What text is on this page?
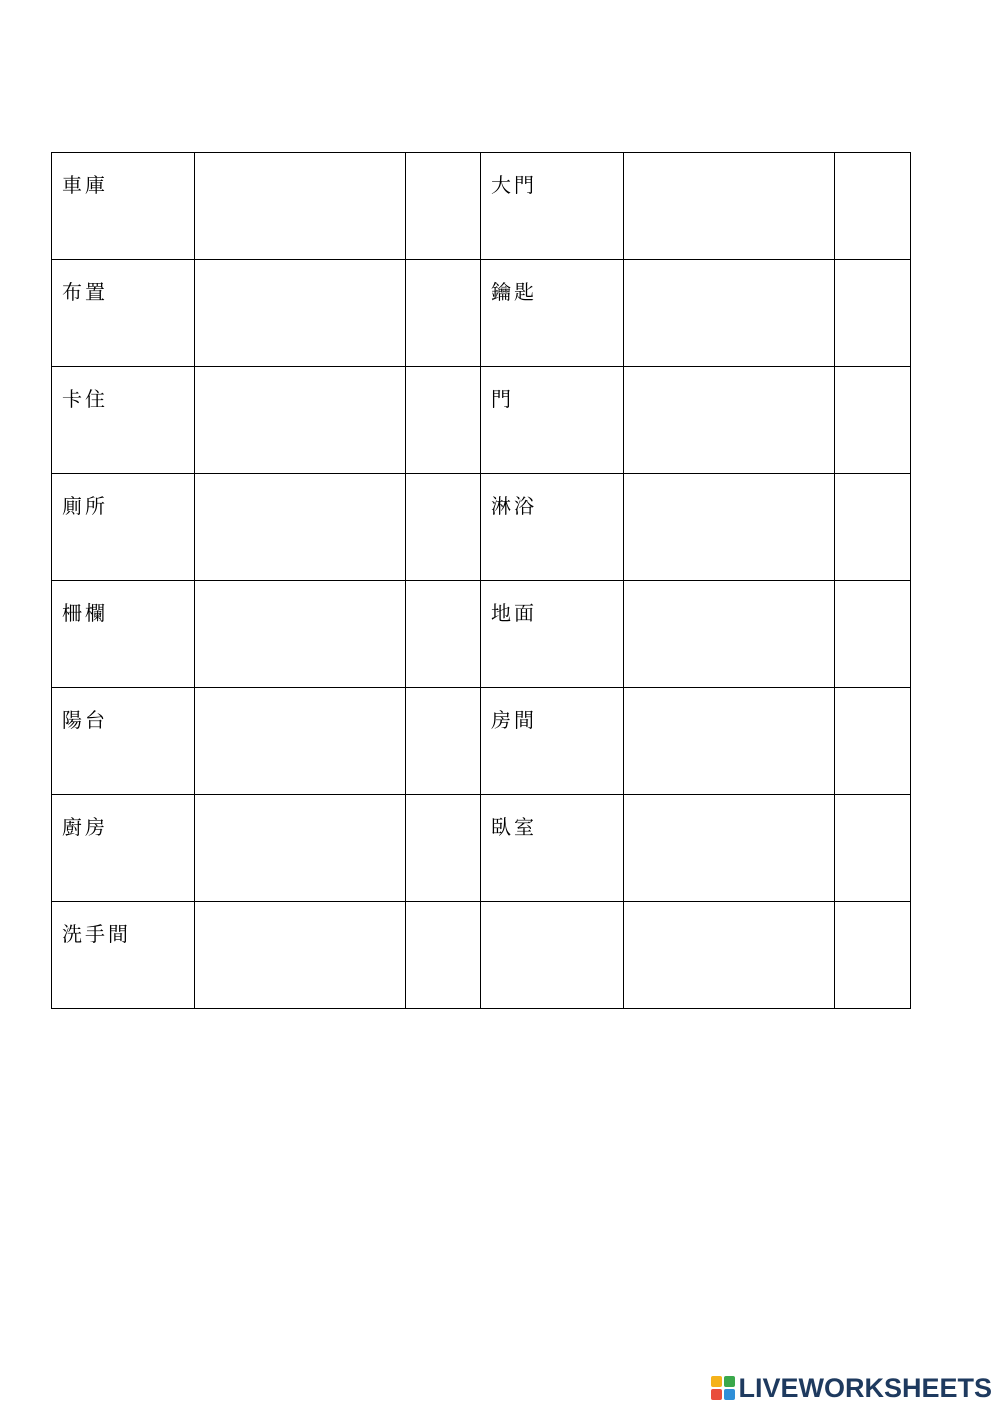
車庫			大門		
布置			鑰匙		
卡住			門		
廁所			淋浴		
柵欄			地面		
陽台			房間		
廚房			臥室		
洗手間					
LIVEWORKSHEETS
